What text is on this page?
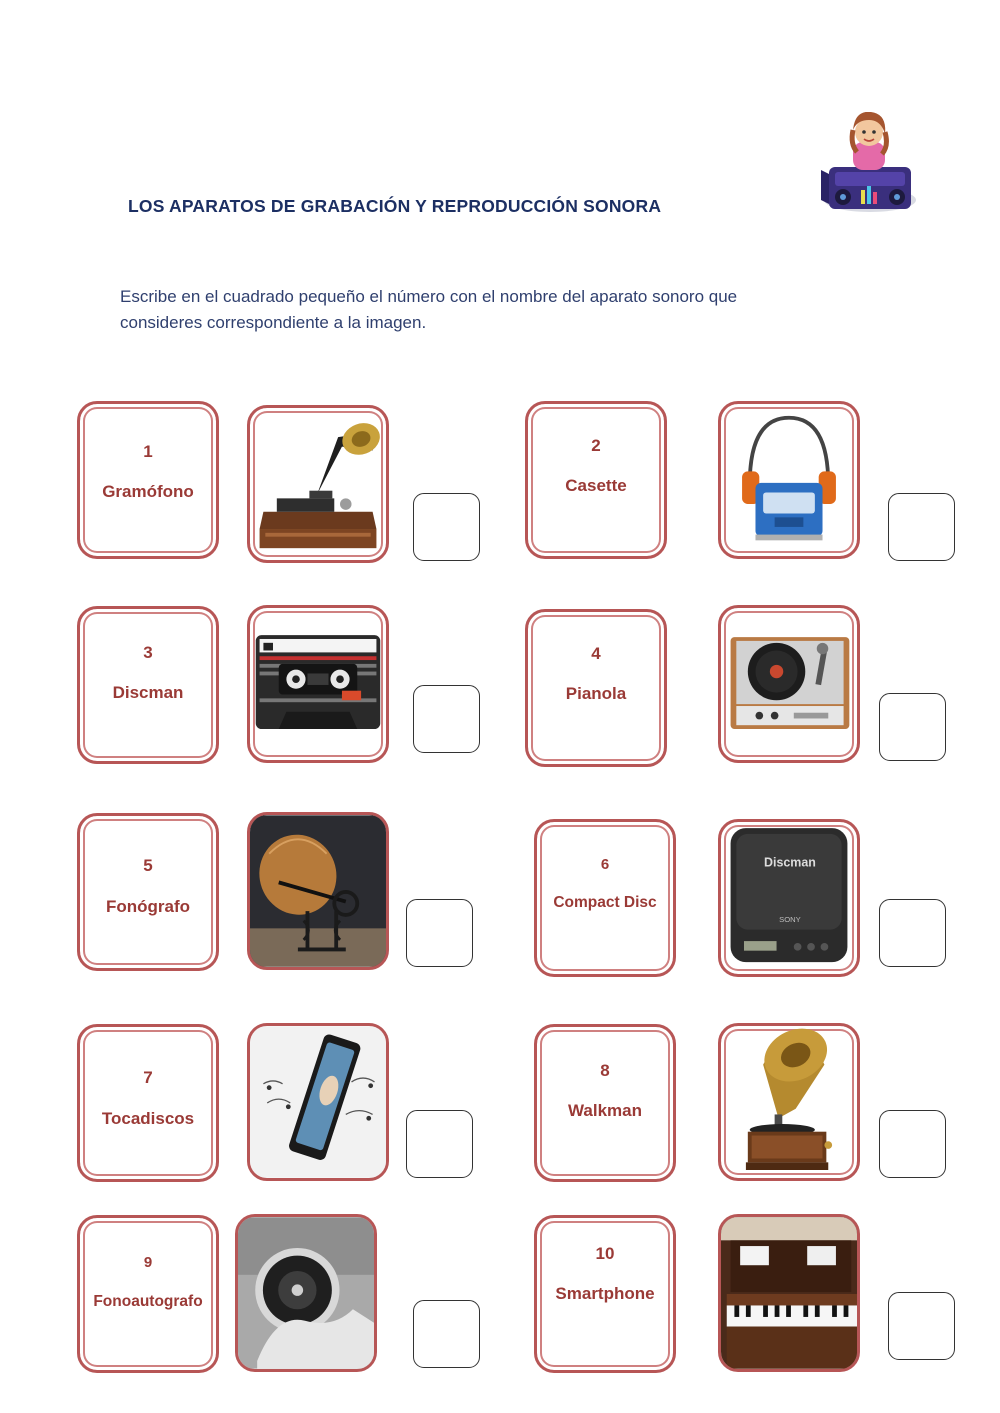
LOS APARATOS DE GRABACIÓN Y REPRODUCCIÓN SONORA
Escribe en el cuadrado pequeño el número con el nombre del aparato sonoro que
consideres correspondiente a la imagen.
1
Gramófono
2
Casette
3
Discman
4
Pianola
5
Fonógrafo
6
Compact Disc
Discman
SONY
7
Tocadiscos
8
Walkman
9
Fonoautografo
10
Smartphone
